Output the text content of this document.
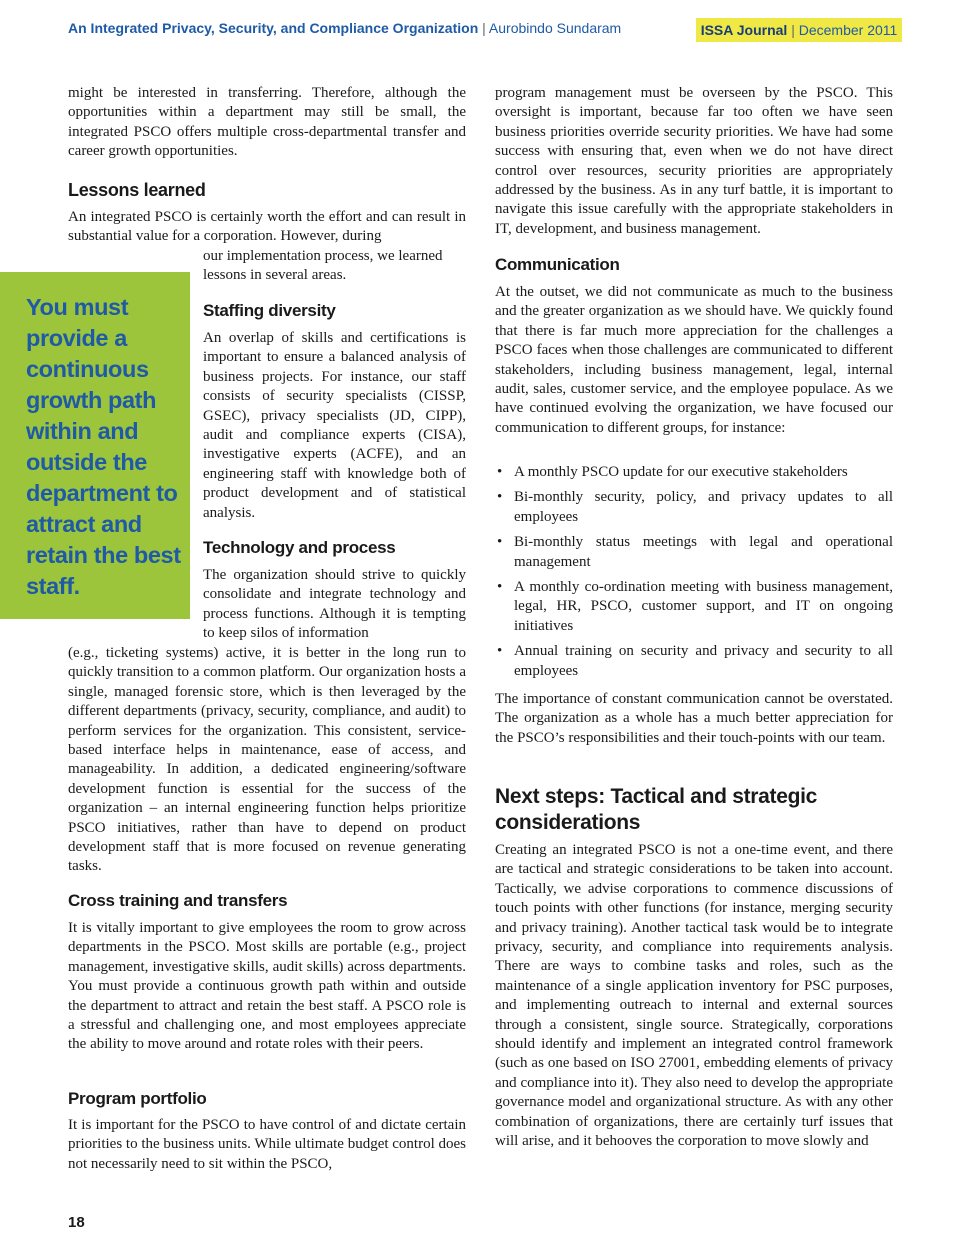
An Integrated Privacy, Security, and Compliance Organization | Aurobindo Sundaram	ISSA Journal | December 2011
You must provide a continuous growth path within and outside the department to attract and retain the best staff.

might be interested in transferring. Therefore, although the opportunities within a department may still be small, the integrated PSCO offers multiple cross-departmental transfer and career growth opportunities.

Lessons learned

An integrated PSCO is certainly worth the effort and can result in substantial value for a corporation. However, during

our implementation process, we learned lessons in several areas.

Staffing diversity

An overlap of skills and certifications is important to ensure a balanced analysis of business projects. For instance, our staff consists of security specialists (CISSP, GSEC), privacy specialists (JD, CIPP), audit and compliance experts (CISA), investigative experts (ACFE), and an engineering staff with knowledge both of product development and of statistical analysis.

Technology and process

The organization should strive to quickly consolidate and integrate technology and process functions. Although it is tempting to keep silos of information

(e.g., ticketing systems) active, it is better in the long run to quickly transition to a common platform. Our organization hosts a single, managed forensic store, which is then leveraged by the different departments (privacy, security, compliance, and audit) to perform services for the organization. This consistent, service-based interface helps in maintenance, ease of access, and manageability. In addition, a dedicated engineering/software development function is essential for the success of the organization – an internal engineering function helps prioritize PSCO initiatives, rather than have to depend on product development staff that is more focused on revenue generating tasks.

Cross training and transfers

It is vitally important to give employees the room to grow across departments in the PSCO. Most skills are portable (e.g., project management, investigative skills, audit skills) across departments. You must provide a continuous growth path within and outside the department to attract and retain the best staff. A PSCO role is a stressful and challenging one, and most employees appreciate the ability to move around and rotate roles with their peers.

Program portfolio

It is important for the PSCO to have control of and dictate certain priorities to the business units. While ultimate budget control does not necessarily need to sit within the PSCO,

program management must be overseen by the PSCO. This oversight is important, because far too often we have seen business priorities override security priorities. We have had some success with ensuring that, even when we do not have direct control over resources, security priorities are appropriately addressed by the business. As in any turf battle, it is important to navigate this issue carefully with the appropriate stakeholders in IT, development, and business management.

Communication

At the outset, we did not communicate as much to the business and the greater organization as we should have. We quickly found that there is far much more appreciation for the challenges a PSCO faces when those challenges are communicated to different stakeholders, including business management, legal, internal audit, sales, customer service, and the employee populace. As we have continued evolving the organization, we have focused our communication to different groups, for instance:

• A monthly PSCO update for our executive stakeholders
• Bi-monthly security, policy, and privacy updates to all employees
• Bi-monthly status meetings with legal and operational management
• A monthly co-ordination meeting with business management, legal, HR, PSCO, customer support, and IT on ongoing initiatives
• Annual training on security and privacy and security to all employees

The importance of constant communication cannot be overstated. The organization as a whole has a much better appreciation for the PSCO’s responsibilities and their touch-points with our team.

Next steps: Tactical and strategic considerations

Creating an integrated PSCO is not a one-time event, and there are tactical and strategic considerations to be taken into account. Tactically, we advise corporations to commence discussions of touch points with other functions (for instance, merging security and privacy training). Another tactical task would be to integrate privacy, security, and compliance into requirements analysis. There are ways to combine tasks and roles, such as the maintenance of a single application inventory for PSC purposes, and implementing outreach to internal and external sources through a consistent, single source. Strategically, corporations should identify and implement an integrated control framework (such as one based on ISO 27001, embedding elements of privacy and compliance into it). They also need to develop the appropriate governance model and organizational structure. As with any other combination of organizations, there are certainly turf issues that will arise, and it behooves the corporation to move slowly and

18
